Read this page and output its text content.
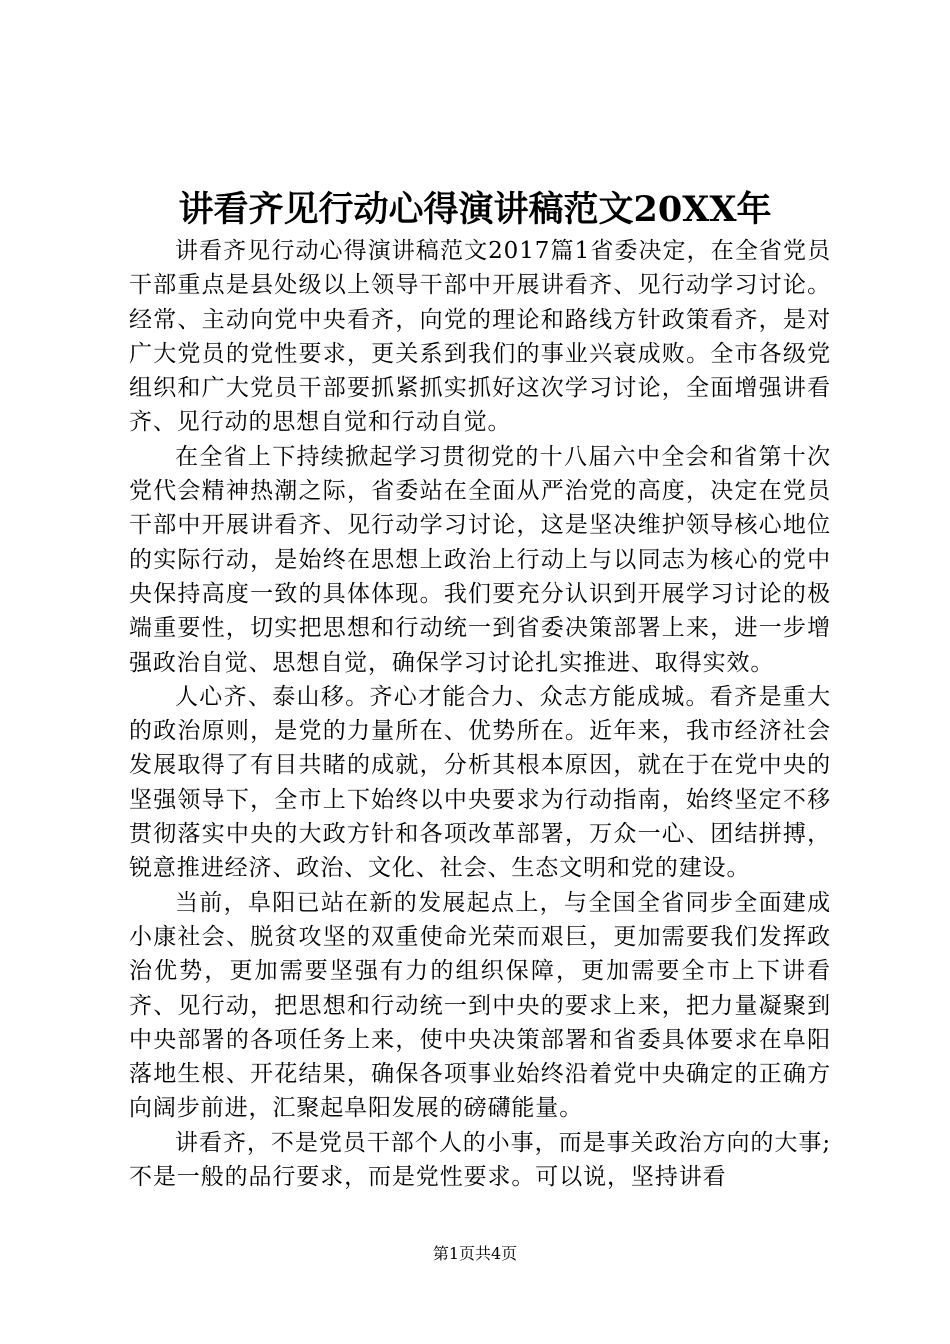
讲看齐见行动心得演讲稿范文20XX年

讲看齐见行动心得演讲稿范文2017篇1省委决定，在全省党员干部重点是县处级以上领导干部中开展讲看齐、见行动学习讨论。经常、主动向党中央看齐，向党的理论和路线方针政策看齐，是对广大党员的党性要求，更关系到我们的事业兴衰成败。全市各级党组织和广大党员干部要抓紧抓实抓好这次学习讨论，全面增强讲看齐、见行动的思想自觉和行动自觉。

在全省上下持续掀起学习贯彻党的十八届六中全会和省第十次党代会精神热潮之际，省委站在全面从严治党的高度，决定在党员干部中开展讲看齐、见行动学习讨论，这是坚决维护领导核心地位的实际行动，是始终在思想上政治上行动上与以同志为核心的党中央保持高度一致的具体体现。我们要充分认识到开展学习讨论的极端重要性，切实把思想和行动统一到省委决策部署上来，进一步增强政治自觉、思想自觉，确保学习讨论扎实推进、取得实效。

人心齐、泰山移。齐心才能合力、众志方能成城。看齐是重大的政治原则，是党的力量所在、优势所在。近年来，我市经济社会发展取得了有目共睹的成就，分析其根本原因，就在于在党中央的坚强领导下，全市上下始终以中央要求为行动指南，始终坚定不移贯彻落实中央的大政方针和各项改革部署，万众一心、团结拼搏，锐意推进经济、政治、文化、社会、生态文明和党的建设。

当前，阜阳已站在新的发展起点上，与全国全省同步全面建成小康社会、脱贫攻坚的双重使命光荣而艰巨，更加需要我们发挥政治优势，更加需要坚强有力的组织保障，更加需要全市上下讲看齐、见行动，把思想和行动统一到中央的要求上来，把力量凝聚到中央部署的各项任务上来，使中央决策部署和省委具体要求在阜阳落地生根、开花结果，确保各项事业始终沿着党中央确定的正确方向阔步前进，汇聚起阜阳发展的磅礴能量。

讲看齐，不是党员干部个人的小事，而是事关政治方向的大事;不是一般的品行要求，而是党性要求。可以说，坚持讲看

第1页共4页
